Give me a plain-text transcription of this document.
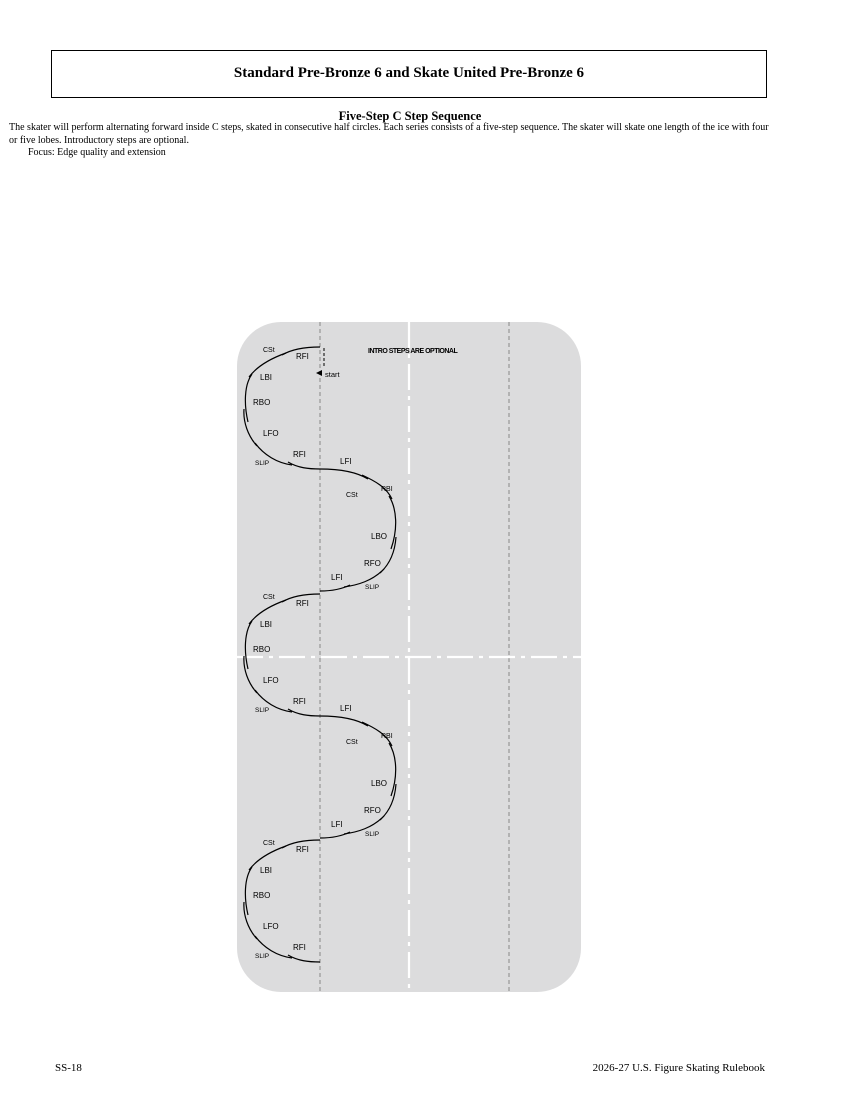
Standard Pre-Bronze 6 and Skate United Pre-Bronze 6
Five-Step C Step Sequence
The skater will perform alternating forward inside C steps, skated in consecutive half circles. Each series consists of a five-step sequence. The skater will skate one length of the ice with four or five lobes. Introductory steps are optional.
Focus: Edge quality and extension
INTRO STEPS ARE OPTIONAL
start
CSt
RFI
LBI
RBO
LFO
SLIP
RFI
LFI
RBI
CSt
LBO
RFO
LFI
SLIP
CSt
RFI
LBI
RBO
LFO
SLIP
RFI
LFI
RBI
CSt
LBO
RFO
LFI
SLIP
CSt
RFI
LBI
RBO
LFO
SLIP
RFI
SS-18	2026-27 U.S. Figure Skating Rulebook
